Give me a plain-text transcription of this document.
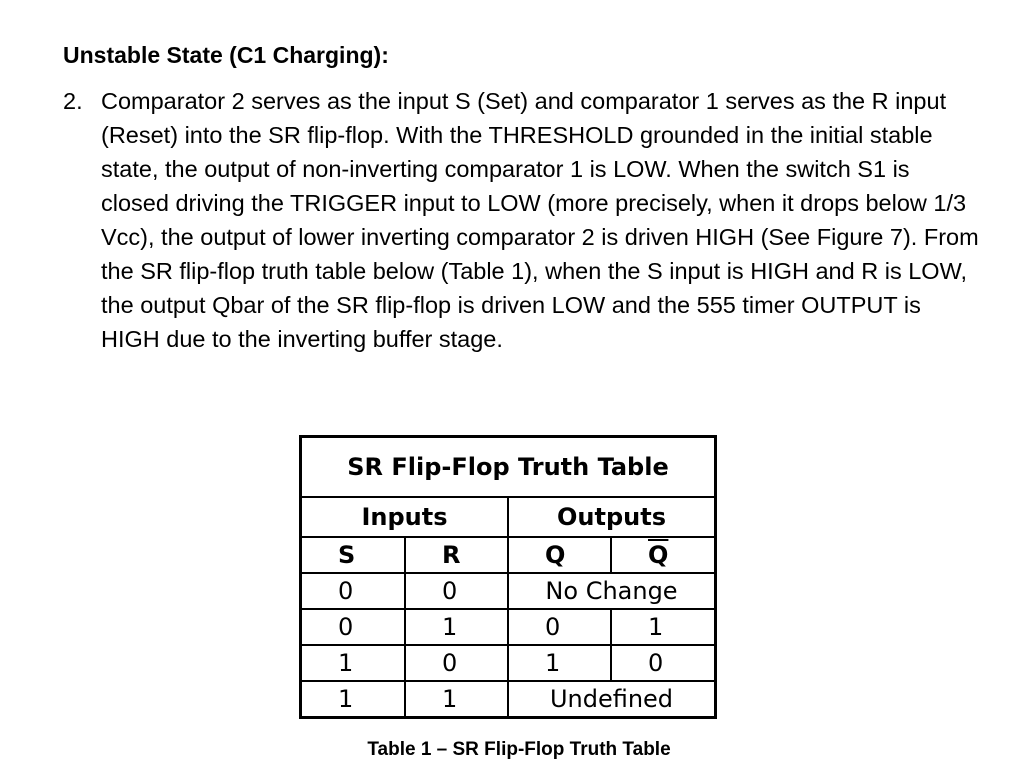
Unstable State (C1 Charging):
2. Comparator 2 serves as the input S (Set) and comparator 1 serves as the R input (Reset) into the SR flip-flop. With the THRESHOLD grounded in the initial stable state, the output of non-inverting comparator 1 is LOW. When the switch S1 is closed driving the TRIGGER input to LOW (more precisely, when it drops below 1/3 Vcc), the output of lower inverting comparator 2 is driven HIGH (See Figure 7). From the SR flip-flop truth table below (Table 1), when the S input is HIGH and R is LOW, the output Qbar of the SR flip-flop is driven LOW and the 555 timer OUTPUT is HIGH due to the inverting buffer stage.
SR Flip-Flop Truth Table			
Inputs		Outputs	
S	R	Q	$\overline{Q}$
0	0	No Change	
0	1	0	1
1	0	1	0
1	1	Undefined	
Table 1 – SR Flip-Flop Truth Table
